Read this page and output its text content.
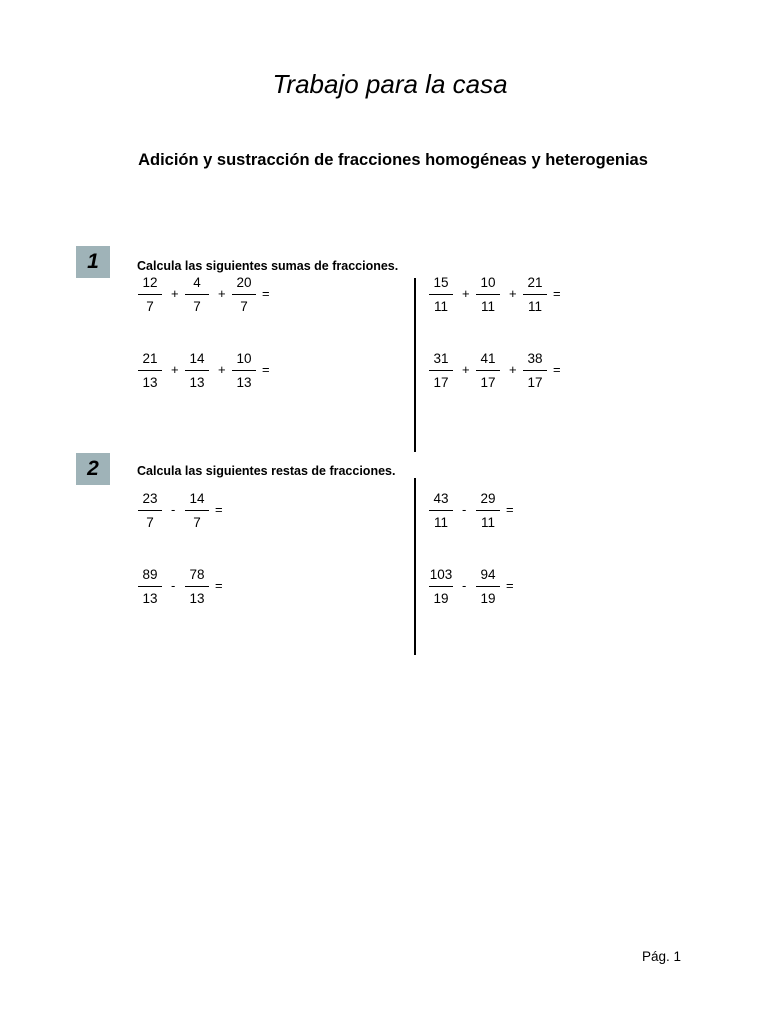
Trabajo para la casa
Adición y sustracción de fracciones homogéneas y heterogenias
1	Calcula las siguientes sumas de fracciones.
12
7
+
4
7
+
20
7
=
15
11
+
10
11
+
21
11
=
21
13
+
14
13
+
10
13
=
31
17
+
41
17
+
38
17
=
2	Calcula las siguientes restas de fracciones.
23
7
-
14
7
=
43
11
-
29
11
=
89
13
-
78
13
=
103
19
-
94
19
=
Pág. 1
